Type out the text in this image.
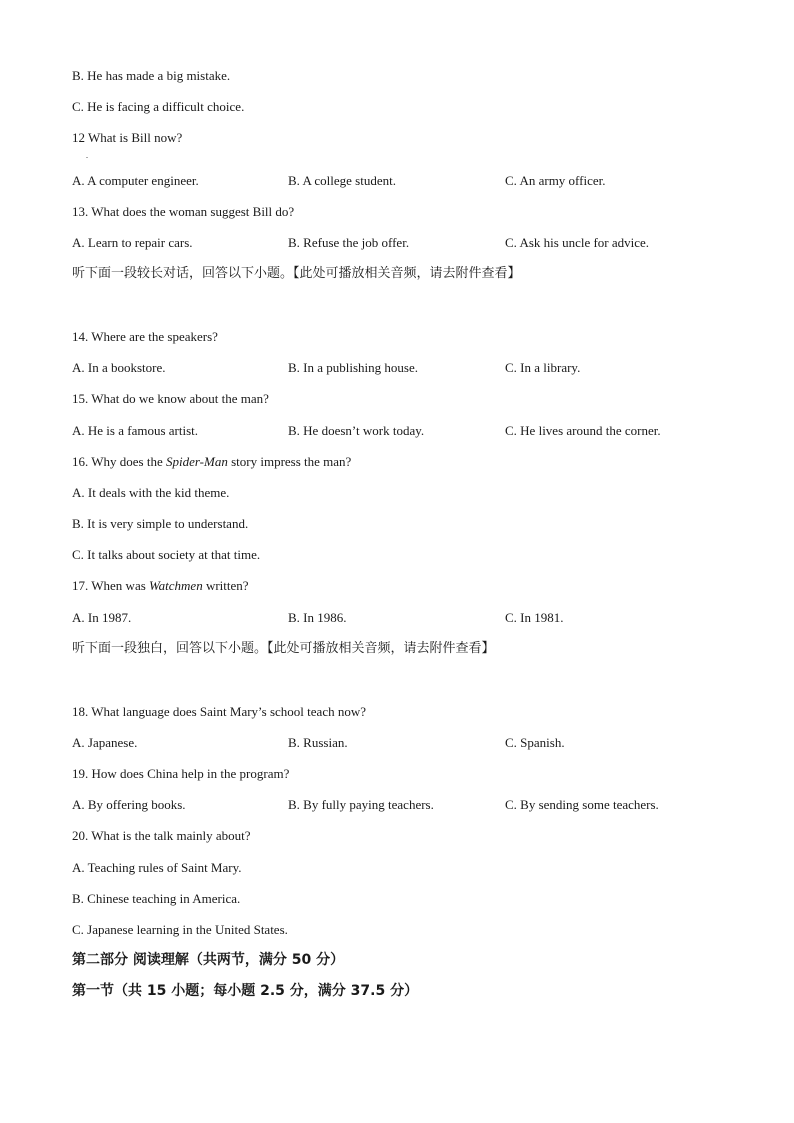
B. He has made a big mistake.
C. He is facing a difficult choice.
12 What is Bill now?
.
A. A computer engineer.	B. A college student.	C. An army officer.
13. What does the woman suggest Bill do?
A. Learn to repair cars.	B. Refuse the job offer.	C. Ask his uncle for advice.
听下面一段较长对话，回答以下小题。【此处可播放相关音频，请去附件查看】
14. Where are the speakers?
A. In a bookstore.	B. In a publishing house.	C. In a library.
15. What do we know about the man?
A. He is a famous artist.	B. He doesn’t work today.	C. He lives around the corner.
16. Why does the Spider-Man story impress the man?
A. It deals with the kid theme.
B. It is very simple to understand.
C. It talks about society at that time.
17. When was Watchmen written?
A. In 1987.	B. In 1986.	C. In 1981.
听下面一段独白，回答以下小题。【此处可播放相关音频，请去附件查看】
18. What language does Saint Mary’s school teach now?
A. Japanese.	B. Russian.	C. Spanish.
19. How does China help in the program?
A. By offering books.	B. By fully paying teachers.	C. By sending some teachers.
20. What is the talk mainly about?
A. Teaching rules of Saint Mary.
B. Chinese teaching in America.
C. Japanese learning in the United States.
第二部分 阅读理解（共两节，满分 50 分）
第一节（共 15 小题；每小题 2.5 分，满分 37.5 分）
